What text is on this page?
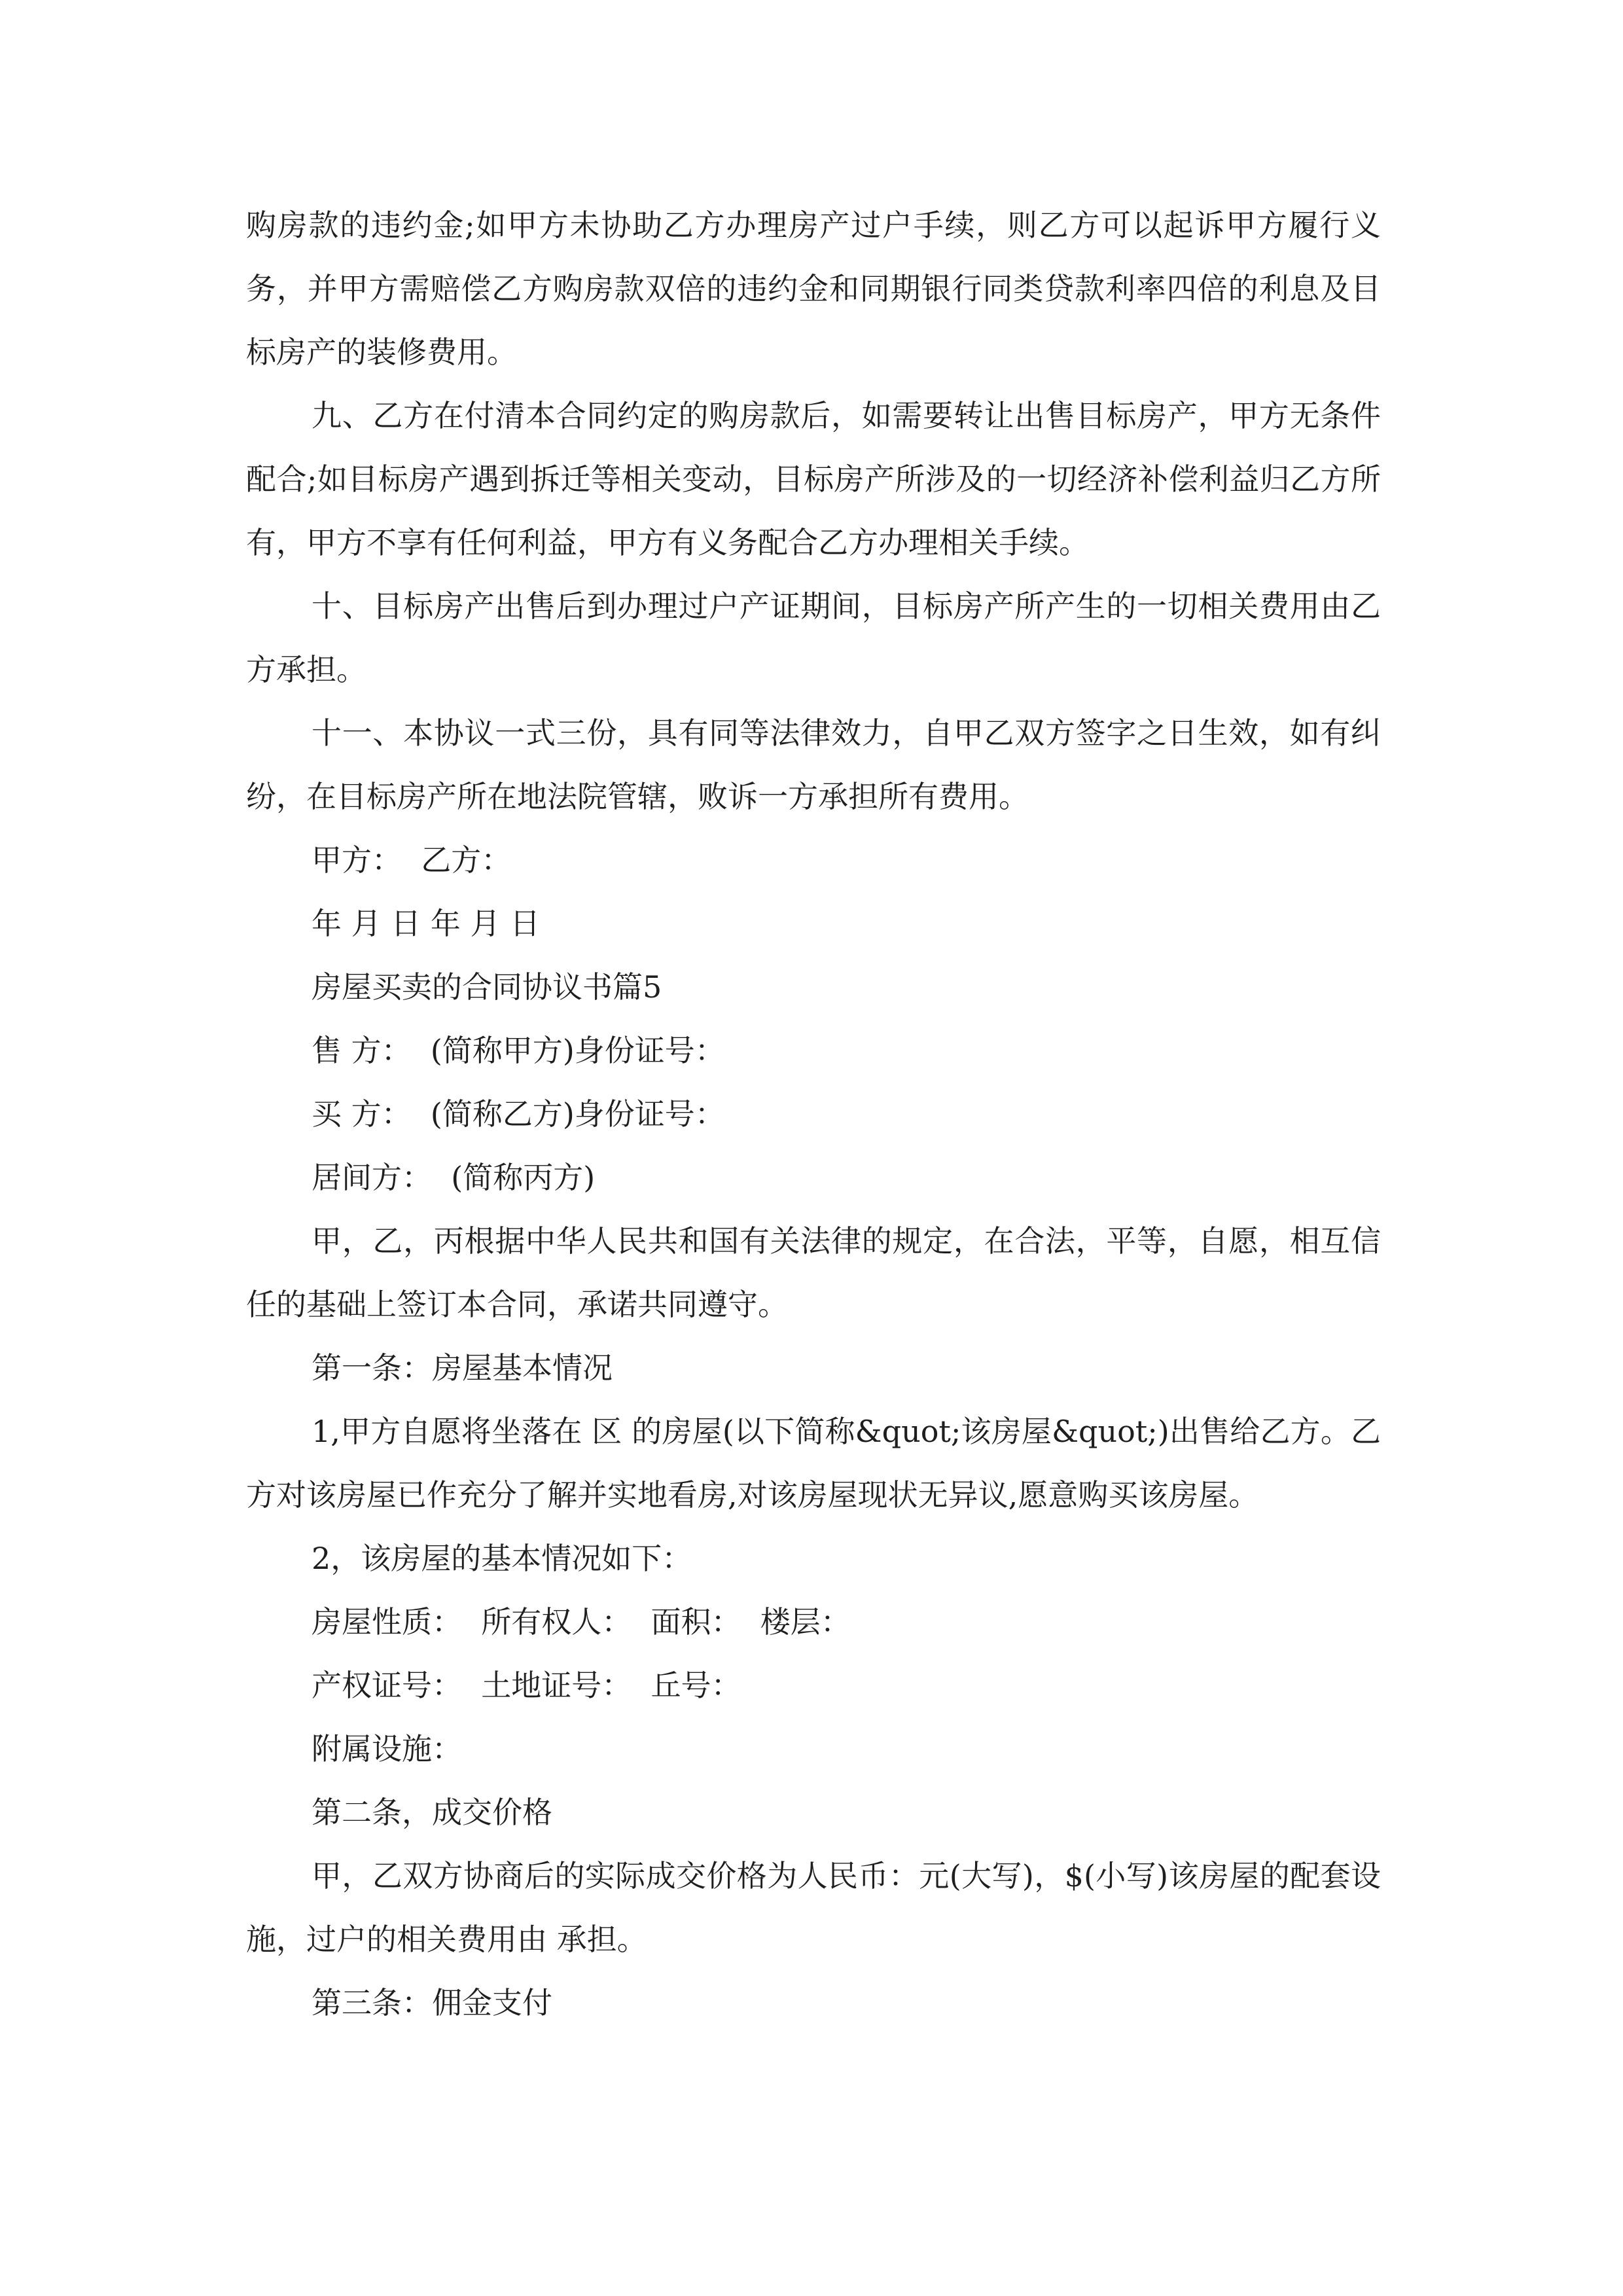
购房款的违约金;如甲方未协助乙方办理房产过户手续，则乙方可以起诉甲方履行义务，并甲方需赔偿乙方购房款双倍的违约金和同期银行同类贷款利率四倍的利息及目标房产的装修费用。

九、乙方在付清本合同约定的购房款后，如需要转让出售目标房产，甲方无条件配合;如目标房产遇到拆迁等相关变动，目标房产所涉及的一切经济补偿利益归乙方所有，甲方不享有任何利益，甲方有义务配合乙方办理相关手续。

十、目标房产出售后到办理过户产证期间，目标房产所产生的一切相关费用由乙方承担。

十一、本协议一式三份，具有同等法律效力，自甲乙双方签字之日生效，如有纠纷，在目标房产所在地法院管辖，败诉一方承担所有费用。

甲方：  乙方：

年 月 日 年 月 日

房屋买卖的合同协议书篇5

售 方：  (简称甲方)身份证号：

买 方：  (简称乙方)身份证号：

居间方：  (简称丙方)

甲，乙，丙根据中华人民共和国有关法律的规定，在合法，平等，自愿，相互信任的基础上签订本合同，承诺共同遵守。

第一条：房屋基本情况

1,甲方自愿将坐落在 区 的房屋(以下简称&quot;该房屋&quot;)出售给乙方。乙方对该房屋已作充分了解并实地看房,对该房屋现状无异议,愿意购买该房屋。

2，该房屋的基本情况如下：

房屋性质：  所有权人：  面积：  楼层：

产权证号：  土地证号：  丘号：

附属设施：

第二条，成交价格

甲，乙双方协商后的实际成交价格为人民币：元(大写)，$(小写)该房屋的配套设施，过户的相关费用由 承担。

第三条：佣金支付
